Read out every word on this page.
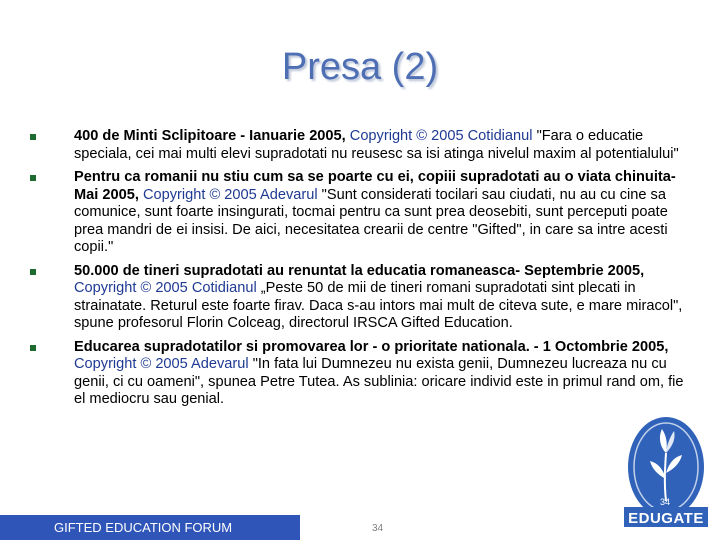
Presa (2)
400 de Minti Sclipitoare - Ianuarie 2005, Copyright © 2005 Cotidianul "Fara o educatie speciala, cei mai multi elevi supradotati nu reusesc sa isi atinga nivelul maxim al potentialului"
Pentru ca romanii nu stiu cum sa se poarte cu ei, copiii supradotati au o viata chinuita- Mai 2005, Copyright © 2005 Adevarul "Sunt considerati tocilari sau ciudati, nu au cu cine sa comunice, sunt foarte insingurati, tocmai pentru ca sunt prea deosebiti, sunt perceputi poate prea mandri de ei insisi. De aici, necesitatea crearii de centre "Gifted", in care sa intre acesti copii."
50.000 de tineri supradotati au renuntat la educatia romaneasca- Septembrie 2005, Copyright © 2005 Cotidianul „Peste 50 de mii de tineri romani supradotati sint plecati in strainatate. Returul este foarte firav. Daca s-au intors mai mult de citeva sute, e mare miracol", spune profesorul Florin Colceag, directorul IRSCA Gifted Education.
Educarea supradotatilor si promovarea lor - o prioritate nationala. - 1 Octombrie 2005, Copyright © 2005 Adevarul "In fata lui Dumnezeu nu exista genii, Dumnezeu lucreaza nu cu genii, ci cu oameni", spunea Petre Tutea. As sublinia: oricare individ este in primul rand om, fie el mediocru sau genial.
GIFTED EDUCATION FORUM	34
34
EDUGATE
